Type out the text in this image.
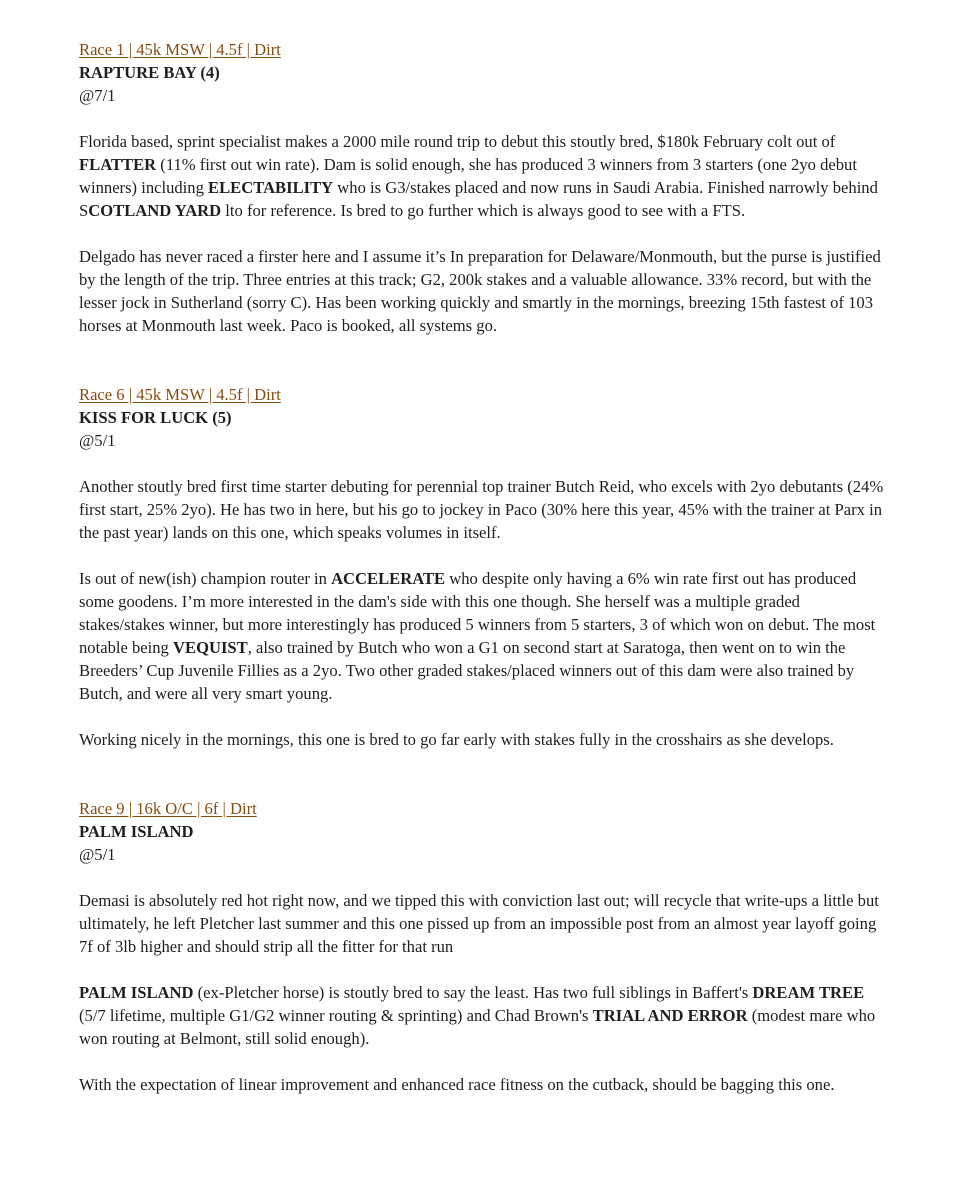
Race 1 | 45k MSW | 4.5f | Dirt
RAPTURE BAY (4)
@7/1

Florida based, sprint specialist makes a 2000 mile round trip to debut this stoutly bred, $180k February colt out of FLATTER (11% first out win rate). Dam is solid enough, she has produced 3 winners from 3 starters (one 2yo debut winners) including ELECTABILITY who is G3/stakes placed and now runs in Saudi Arabia. Finished narrowly behind SCOTLAND YARD lto for reference. Is bred to go further which is always good to see with a FTS.

Delgado has never raced a firster here and I assume it’s In preparation for Delaware/Monmouth, but the purse is justified by the length of the trip. Three entries at this track; G2, 200k stakes and a valuable allowance. 33% record, but with the lesser jock in Sutherland (sorry C). Has been working quickly and smartly in the mornings, breezing 15th fastest of 103 horses at Monmouth last week. Paco is booked, all systems go.

Race 6 | 45k MSW | 4.5f | Dirt
KISS FOR LUCK (5)
@5/1

Another stoutly bred first time starter debuting for perennial top trainer Butch Reid, who excels with 2yo debutants (24% first start, 25% 2yo). He has two in here, but his go to jockey in Paco (30% here this year, 45% with the trainer at Parx in the past year) lands on this one, which speaks volumes in itself.

Is out of new(ish) champion router in ACCELERATE who despite only having a 6% win rate first out has produced some goodens. I’m more interested in the dam's side with this one though. She herself was a multiple graded stakes/stakes winner, but more interestingly has produced 5 winners from 5 starters, 3 of which won on debut. The most notable being VEQUIST, also trained by Butch who won a G1 on second start at Saratoga, then went on to win the Breeders’ Cup Juvenile Fillies as a 2yo. Two other graded stakes/placed winners out of this dam were also trained by Butch, and were all very smart young.

Working nicely in the mornings, this one is bred to go far early with stakes fully in the crosshairs as she develops.

Race 9 | 16k O/C | 6f | Dirt
PALM ISLAND
@5/1

Demasi is absolutely red hot right now, and we tipped this with conviction last out; will recycle that write-ups a little but ultimately, he left Pletcher last summer and this one pissed up from an impossible post from an almost year layoff going 7f of 3lb higher and should strip all the fitter for that run

PALM ISLAND (ex-Pletcher horse) is stoutly bred to say the least. Has two full siblings in Baffert's DREAM TREE (5/7 lifetime, multiple G1/G2 winner routing & sprinting) and Chad Brown's TRIAL AND ERROR (modest mare who won routing at Belmont, still solid enough).

With the expectation of linear improvement and enhanced race fitness on the cutback, should be bagging this one.
